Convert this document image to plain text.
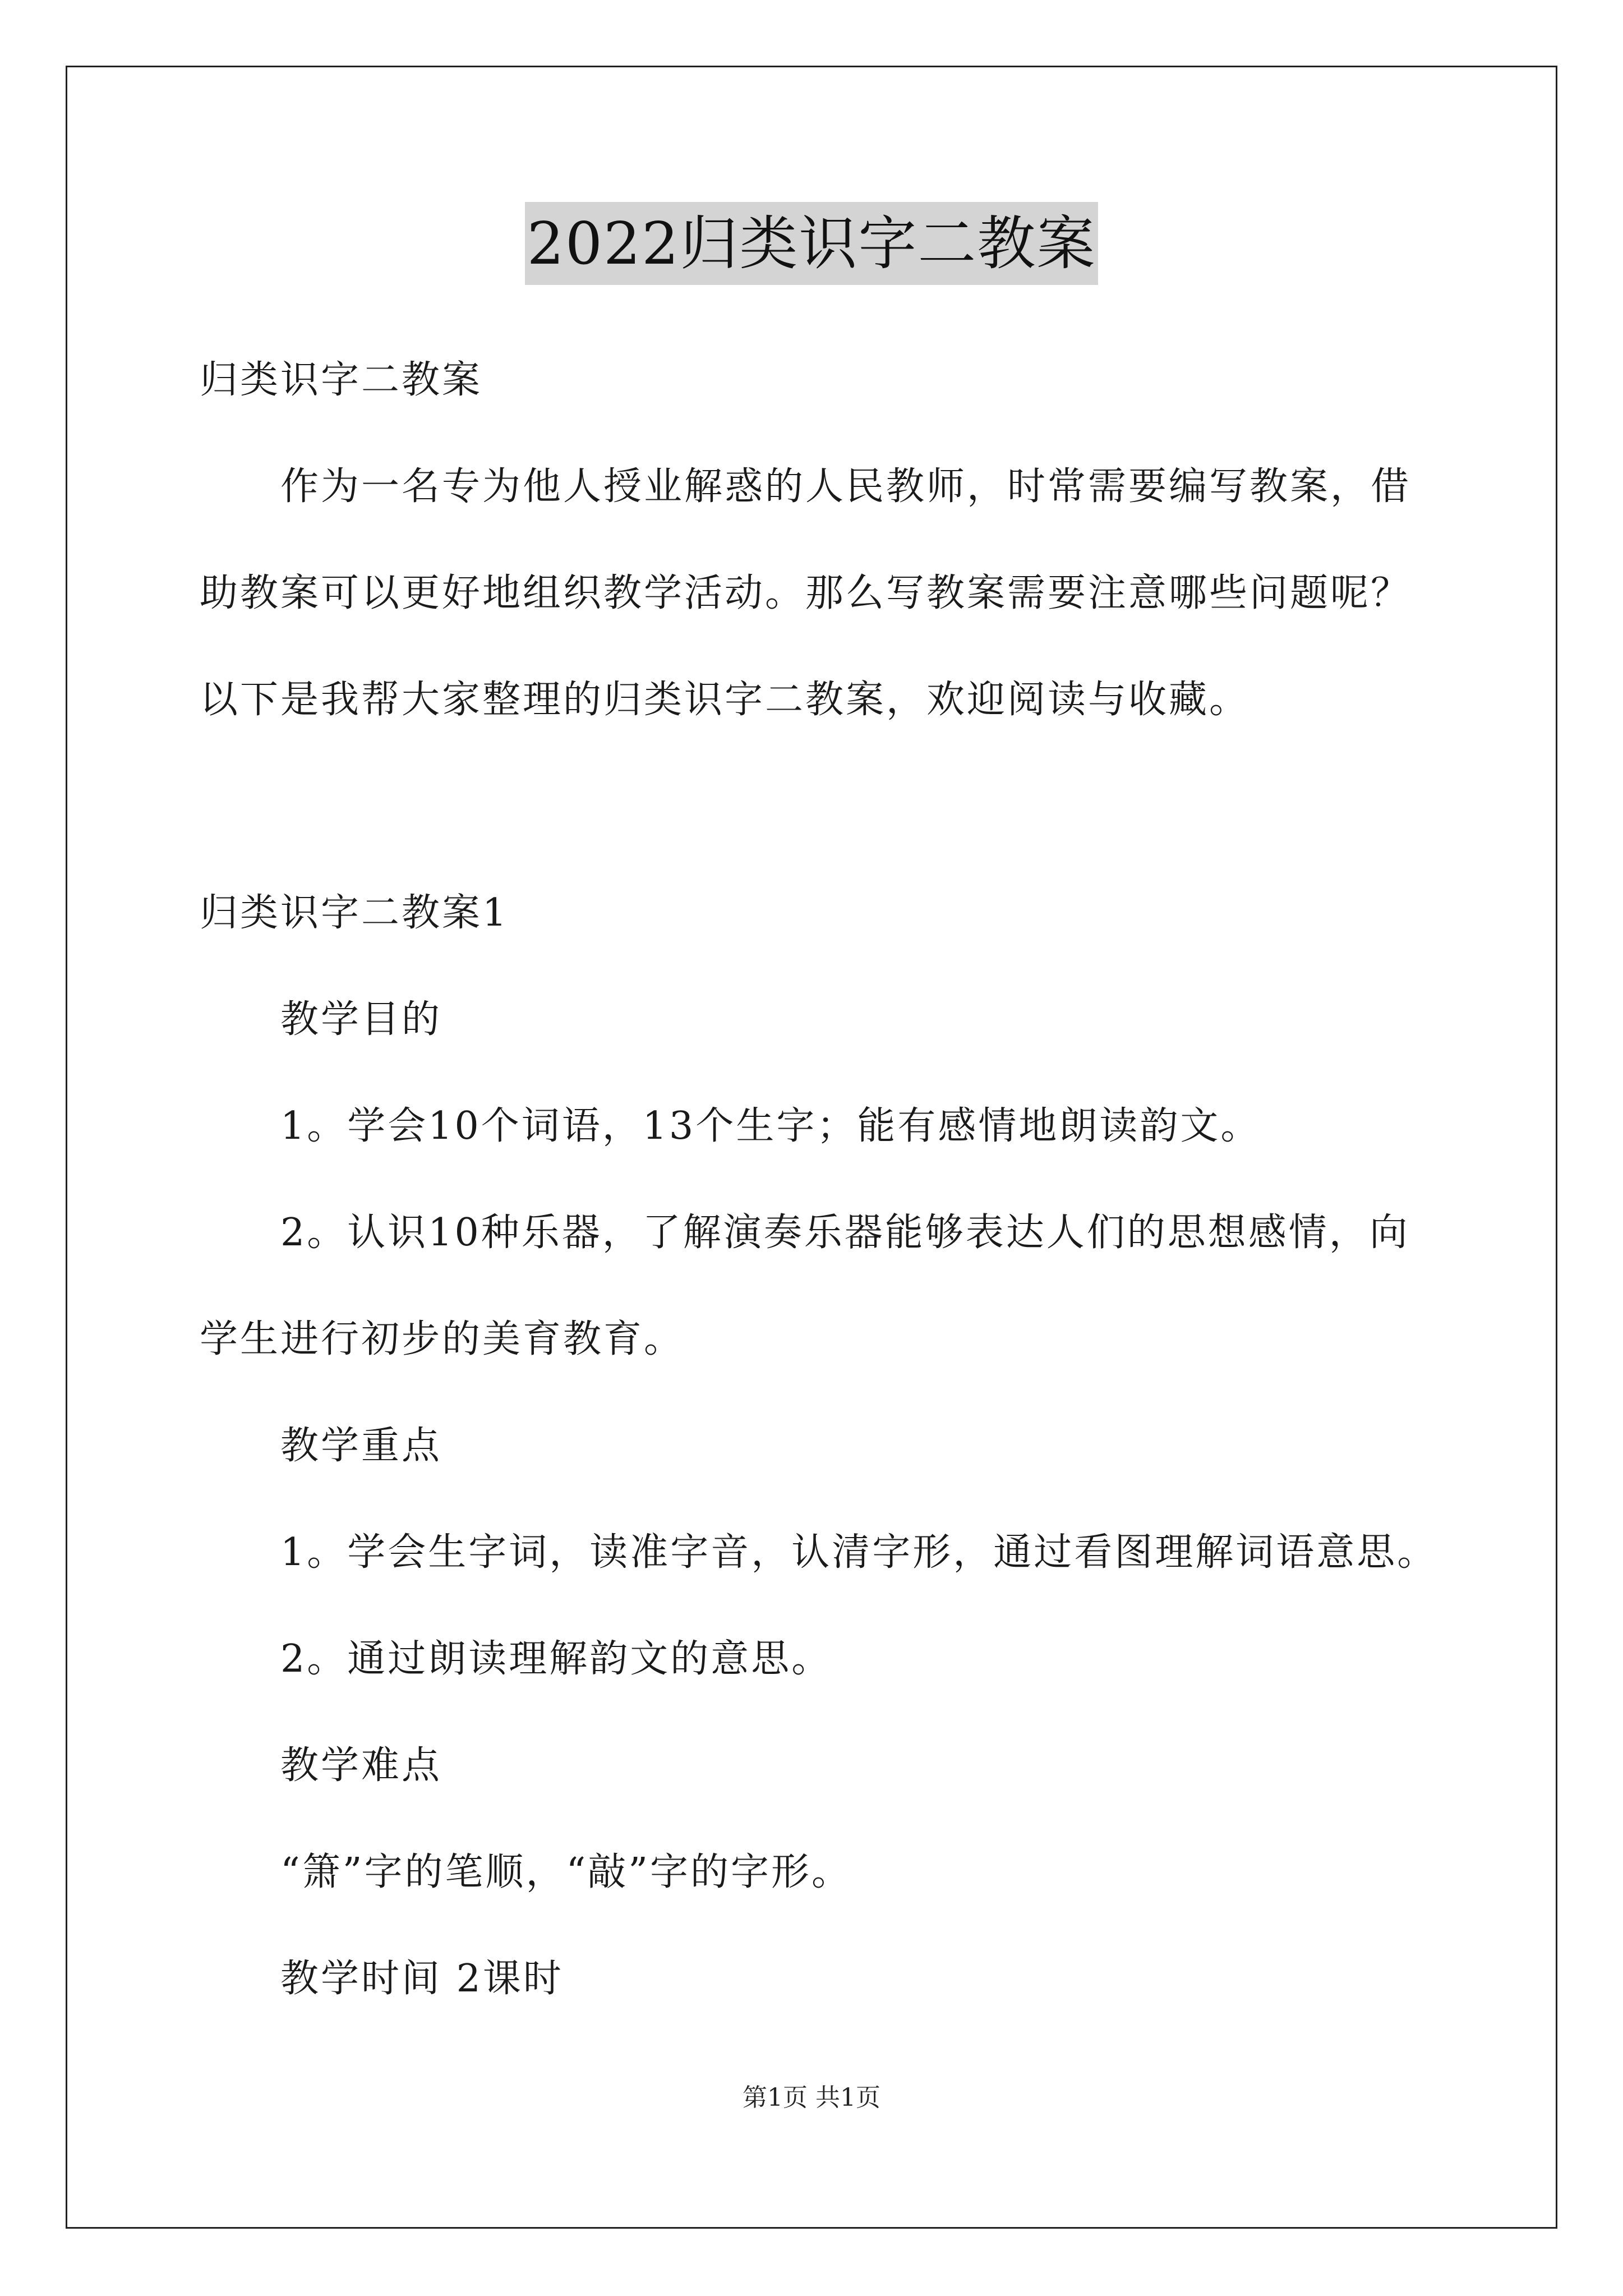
2022归类识字二教案
归类识字二教案
作为一名专为他人授业解惑的人民教师，时常需要编写教案，借
助教案可以更好地组织教学活动。那么写教案需要注意哪些问题呢？
以下是我帮大家整理的归类识字二教案，欢迎阅读与收藏。
归类识字二教案1
教学目的
1。学会10个词语，13个生字；能有感情地朗读韵文。
2。认识10种乐器，了解演奏乐器能够表达人们的思想感情，向
学生进行初步的美育教育。
教学重点
1。学会生字词，读准字音，认清字形，通过看图理解词语意思。
2。通过朗读理解韵文的意思。
教学难点
“箫”字的笔顺，“敲”字的字形。
教学时间 2课时
第1页 共1页
